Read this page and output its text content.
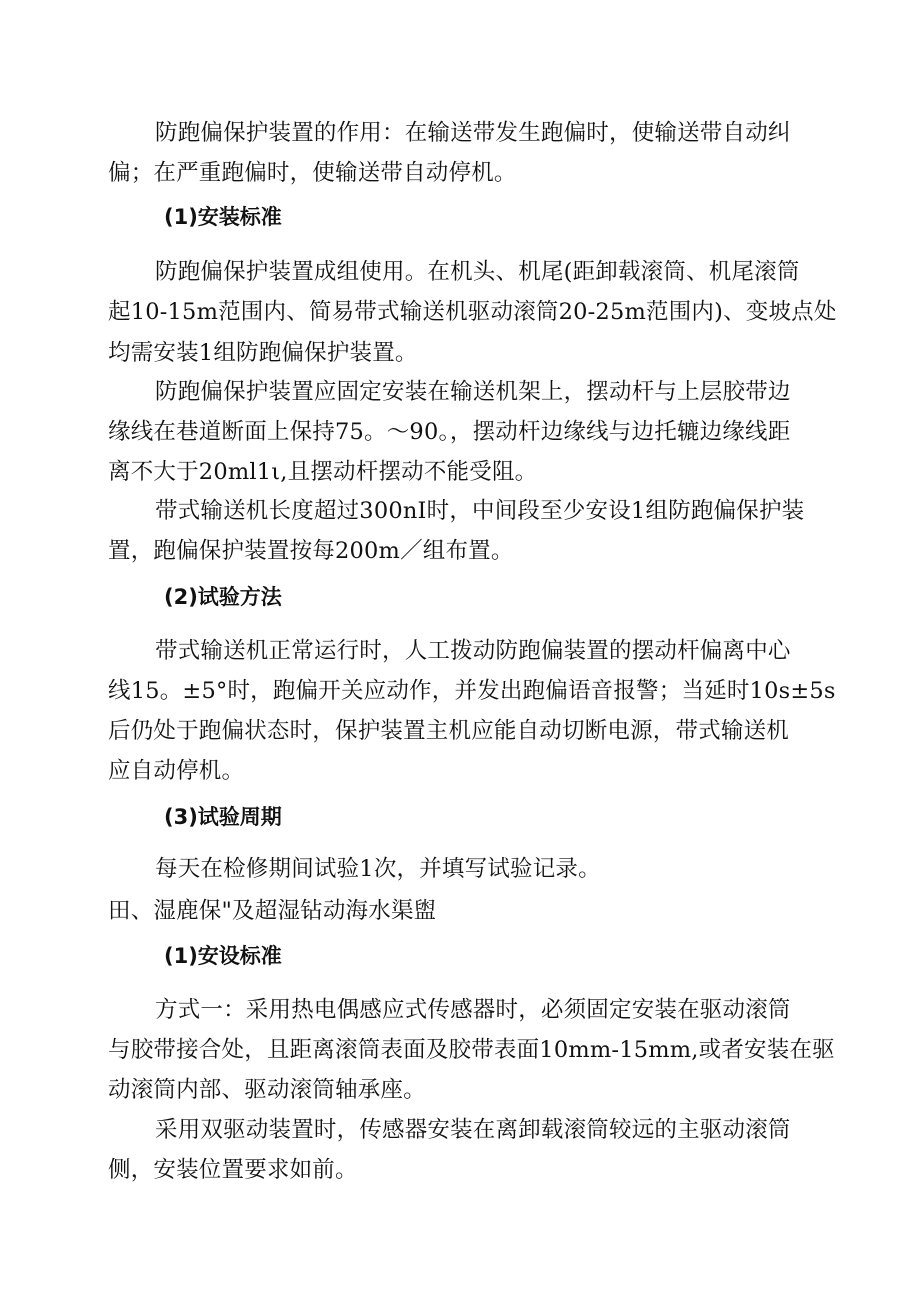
防跑偏保护装置的作用：在输送带发生跑偏时，使输送带自动纠
偏；在严重跑偏时，使输送带自动停机。
(1)安装标准
防跑偏保护装置成组使用。在机头、机尾(距卸载滚筒、机尾滚筒
起10-15m范围内、简易带式输送机驱动滚筒20-25m范围内)、变坡点处
均需安装1组防跑偏保护装置。
防跑偏保护装置应固定安装在输送机架上，摆动杆与上层胶带边
缘线在巷道断面上保持75。～90。，摆动杆边缘线与边托辘边缘线距
离不大于20ml1ι,且摆动杆摆动不能受阻。
带式输送机长度超过300nI时，中间段至少安设1组防跑偏保护装
置，跑偏保护装置按每200m／组布置。
(2)试验方法
带式输送机正常运行时，人工拨动防跑偏装置的摆动杆偏离中心
线15。±5°时，跑偏开关应动作，并发出跑偏语音报警；当延时10s±5s
后仍处于跑偏状态时，保护装置主机应能自动切断电源，带式输送机
应自动停机。
(3)试验周期
每天在检修期间试验1次，并填写试验记录。
田、湿鹿保"及超湿钻动海水渠盥
(1)安设标准
方式一：采用热电偶感应式传感器时，必须固定安装在驱动滚筒
与胶带接合处，且距离滚筒表面及胶带表面10mm-15mm,或者安装在驱
动滚筒内部、驱动滚筒轴承座。
采用双驱动装置时，传感器安装在离卸载滚筒较远的主驱动滚筒
侧，安装位置要求如前。
